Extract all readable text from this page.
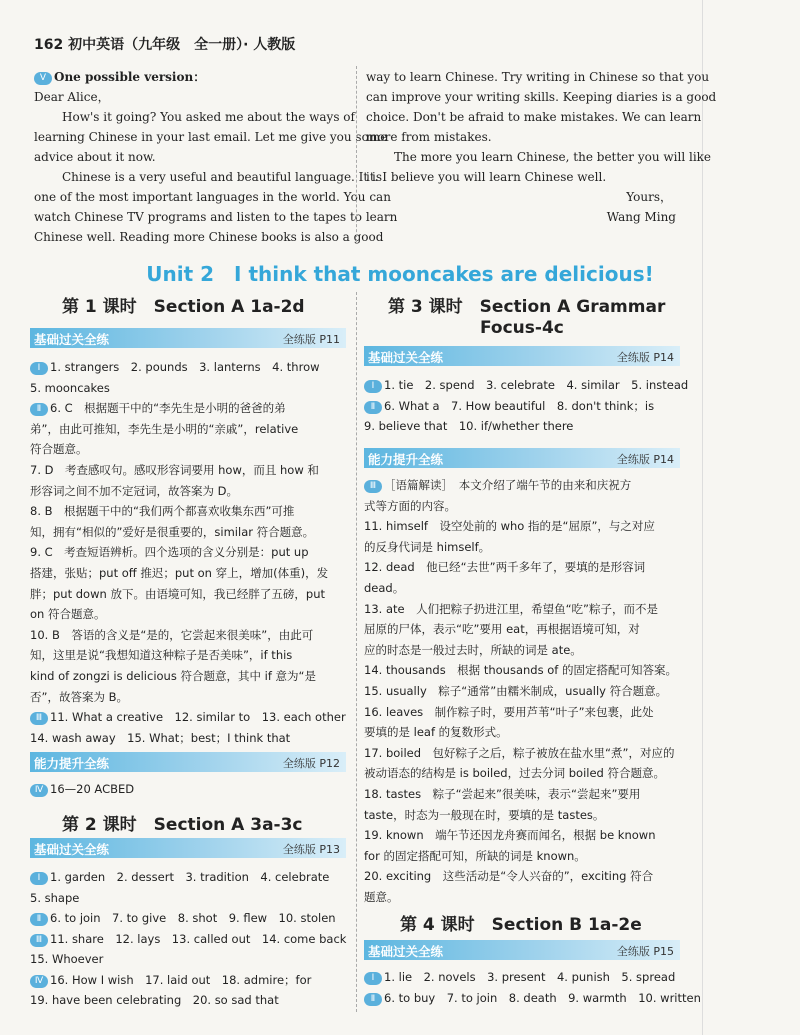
162 初中英语（九年级　全一册）· 人教版
Ⅴ One possible version：
Dear Alice，
How's it going? You asked me about the ways of
learning Chinese in your last email. Let me give you some
advice about it now.
Chinese is a very useful and beautiful language. It is
one of the most important languages in the world. You can
watch Chinese TV programs and listen to the tapes to learn
Chinese well. Reading more Chinese books is also a good
way to learn Chinese. Try writing in Chinese so that you
can improve your writing skills. Keeping diaries is a good
choice. Don't be afraid to make mistakes. We can learn
more from mistakes.
The more you learn Chinese, the better you will like
it. I believe you will learn Chinese well.
Yours，
Wang Ming
Unit 2　I think that mooncakes are delicious!
第 1 课时　Section A 1a-2d
基础过关全练	全练版 P11
Ⅰ 1. strangers　2. pounds　3. lanterns　4. throw
5. mooncakes
Ⅱ 6. C　根据题干中的“李先生是小明的爸爸的弟
弟”，由此可推知，李先生是小明的“亲戚”，relative
符合题意。
7. D　考查感叹句。感叹形容词要用 how，而且 how 和
形容词之间不加不定冠词，故答案为 D。
8. B　根据题干中的“我们两个都喜欢收集东西”可推
知，拥有“相似的”爱好是很重要的，similar 符合题意。
9. C　考查短语辨析。四个选项的含义分别是：put up
搭建，张贴；put off 推迟；put on 穿上，增加(体重)，发
胖；put down 放下。由语境可知，我已经胖了五磅，put
on 符合题意。
10. B　答语的含义是“是的，它尝起来很美味”，由此可
知，这里是说“我想知道这种粽子是否美味”，if this
kind of zongzi is delicious 符合题意，其中 if 意为“是
否”，故答案为 B。
Ⅲ 11. What a creative　12. similar to　13. each other
14. wash away　15. What；best；I think that
能力提升全练	全练版 P12
Ⅳ 16—20 ACBED
第 2 课时　Section A 3a-3c
基础过关全练	全练版 P13
Ⅰ 1. garden　2. dessert　3. tradition　4. celebrate
5. shape
Ⅱ 6. to join　7. to give　8. shot　9. flew　10. stolen
Ⅲ 11. share　12. lays　13. called out　14. come back
15. Whoever
Ⅳ 16. How I wish　17. laid out　18. admire；for
19. have been celebrating　20. so sad that
第 3 课时　Section A Grammar
Focus-4c
基础过关全练	全练版 P14
Ⅰ 1. tie　2. spend　3. celebrate　4. similar　5. instead
Ⅱ 6. What a　7. How beautiful　8. don't think；is
9. believe that　10. if/whether there
能力提升全练	全练版 P14
Ⅲ ［语篇解读］　本文介绍了端午节的由来和庆祝方
式等方面的内容。
11. himself　设空处前的 who 指的是“屈原”，与之对应
的反身代词是 himself。
12. dead　他已经“去世”两千多年了，要填的是形容词
dead。
13. ate　人们把粽子扔进江里，希望鱼“吃”粽子，而不是
屈原的尸体，表示“吃”要用 eat，再根据语境可知，对
应的时态是一般过去时，所缺的词是 ate。
14. thousands　根据 thousands of 的固定搭配可知答案。
15. usually　粽子“通常”由糯米制成，usually 符合题意。
16. leaves　制作粽子时，要用芦苇“叶子”来包裹，此处
要填的是 leaf 的复数形式。
17. boiled　包好粽子之后，粽子被放在盐水里“煮”，对应的
被动语态的结构是 is boiled，过去分词 boiled 符合题意。
18. tastes　粽子“尝起来”很美味，表示“尝起来”要用
taste，时态为一般现在时，要填的是 tastes。
19. known　端午节还因龙舟赛而闻名，根据 be known
for 的固定搭配可知，所缺的词是 known。
20. exciting　这些活动是“令人兴奋的”，exciting 符合
题意。
第 4 课时　Section B 1a-2e
基础过关全练	全练版 P15
Ⅰ 1. lie　2. novels　3. present　4. punish　5. spread
Ⅱ 6. to buy　7. to join　8. death　9. warmth　10. written
